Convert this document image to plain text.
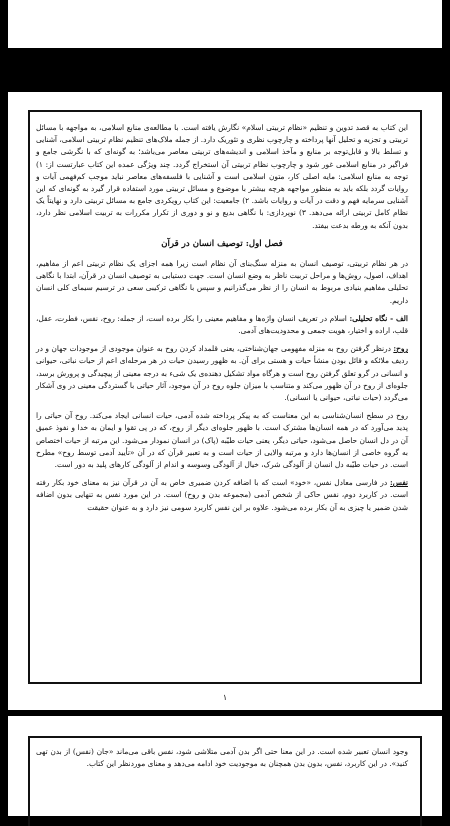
این کتاب به قصد تدوین و تنظیم «نظام تربیتی اسلام» نگارش یافته است. با مطالعه‌ی منابع اسلامی، به مواجهه با مسائل تربیتی و تجزیه و تحلیل آنها پرداخته و چارچوب نظری و تئوریک دارد. از جمله ملاک‌های تنظیم نظام تربیتی اسلامی، آشنایی و تسلط بالا و قابل‌توجه بر منابع و مآخذ اسلامی و اندیشه‌های تربیتی معاصر می‌باشد؛ به گونه‌ای که با نگرشی جامع و فراگیر در منابع اسلامی غور شود و چارچوب نظام تربیتی آن استخراج گردد. چند ویژگی عمده این کتاب عبارتست از: ۱) توجه به منابع اسلامی: مایه اصلی کار، متون اسلامی است و آشنایی با فلسفه‌های معاصر نباید موجب کم‌فهمی آیات و روایات گردد بلکه باید به منظور مواجهه هرچه بیشتر با موضوع و مسائل تربیتی مورد استفاده قرار گیرد به گونه‌ای که این آشنایی سرمایه فهم و دقت در آیات و روایات باشد. ۲) جامعیت: این کتاب رویکردی جامع به مسائل تربیتی دارد و نهایتاً یک نظام کامل تربیتی ارائه می‌دهد. ۳) نوپردازی: با نگاهی بدیع و نو و دوری از تکرار مکررات به تربیت اسلامی نظر دارد، بدون آنکه به ورطه بدعت بیفتد.

فصل اول: توصیف انسان در قرآن

در هر نظام تربیتی، توصیف انسان به منزله سنگ‌بنای آن نظام است زیرا همه اجزای یک نظام تربیتی اعم از مفاهیم، اهداف، اصول، روش‌ها و مراحل تربیت ناظر به وضع انسان است. جهت دستیابی به توصیف انسان در قرآن، ابتدا با نگاهی تحلیلی مفاهیم بنیادی مربوط به انسان را از نظر می‌گذرانیم و سپس با نگاهی ترکیبی سعی در ترسیم سیمای کلی انسان داریم.

الف - نگاه تحلیلی: اسلام در تعریف انسان واژه‌ها و مفاهیم معینی را بکار برده است، از جمله: روح، نفس، فطرت، عقل، قلب، اراده و اختیار، هویت جمعی و محدودیت‌های آدمی.

روح: درنظر گرفتن روح به منزله مفهومی جهان‌شناختی، یعنی قلمداد کردن روح به عنوان موجودی از موجودات جهان و در ردیف ملائکه و قائل بودن منشأ حیات و هستی برای آن. به ظهور رسیدن حیات در هر مرحله‌ای اعم از حیات نباتی، حیوانی و انسانی در گرو تعلق گرفتن روح است و هرگاه مواد تشکیل دهنده‌ی یک شیء به درجه معینی از پیچیدگی و پرورش برسد، جلوه‌ای از روح در آن ظهور می‌کند و متناسب با میزان جلوه روح در آن موجود، آثار حیاتی با گستردگی معینی در وی آشکار می‌گردد (حیات نباتی، حیوانی یا انسانی).

روح در سطح انسان‌شناسی به این معناست که به پیکر پرداخته شده آدمی، حیات انسانی ایجاد می‌کند. روح آن حیاتی را پدید می‌آورد که در همه انسان‌ها مشترک است. با ظهور جلوه‌ای دیگر از روح، که در پی تقوا و ایمان به خدا و نفوذ عمیق آن در دل انسان حاصل می‌شود، حیاتی دیگر، یعنی حیات طیّبه (پاک) در انسان نمودار می‌شود. این مرتبه از حیات اختصاص به گروه خاصی از انسان‌ها دارد و مرتبه والایی از حیات است و به تعبیر قرآن که در آن «تأیید آدمی توسط روح» مطرح است. در حیات طیّبه دل انسان از آلودگی شرک، خیال از آلودگی وسوسه و اندام از آلودگی کارهای پلید به دور است.

نفس: در فارسی معادل نفس، «خود» است که با اضافه کردن ضمیری خاص به آن در قرآن نیز به معنای خود بکار رفته است. در کاربرد دوم، نفس حاکی از شخص آدمی (مجموعه بدن و روح) است. در این مورد نفس به تنهایی بدون اضافه شدن ضمیر یا چیزی به آن بکار برده می‌شود. علاوه بر این نفس کاربرد سومی نیز دارد و به عنوان حقیقت

۱
وجود انسان تعبیر شده است. در این معنا حتی اگر بدن آدمی متلاشی شود، نفس باقی می‌ماند «جان (نفس) از بدن تهی کنید». در این کاربرد، نفس، بدون بدن همچنان به موجودیت خود ادامه می‌دهد و معنای موردنظر این کتاب.
